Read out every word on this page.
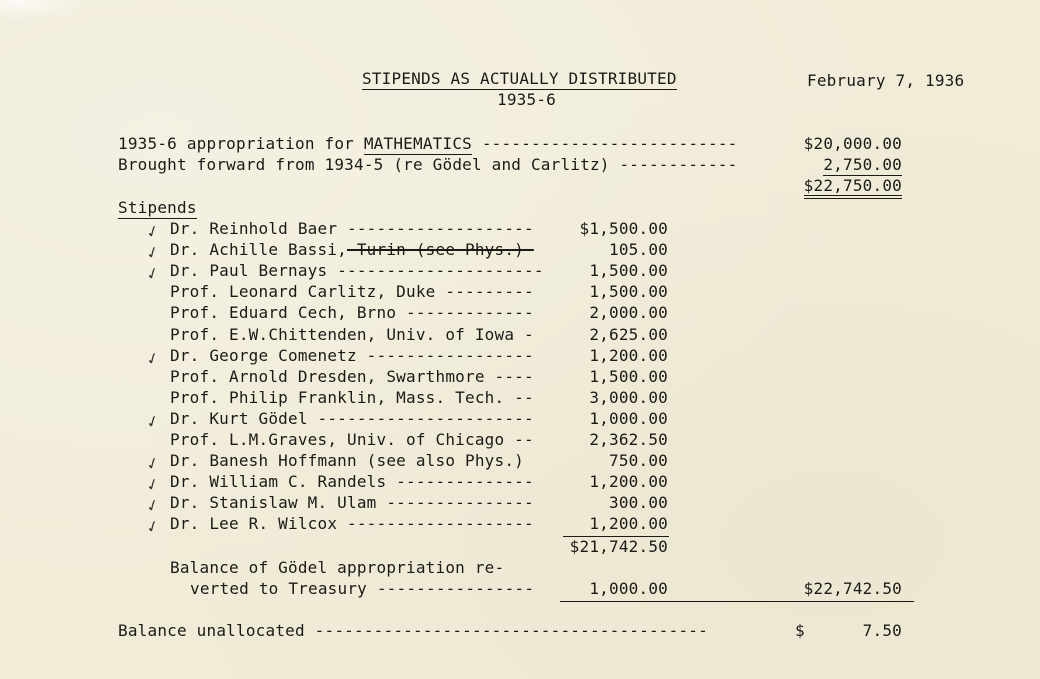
STIPENDS AS ACTUALLY DISTRIBUTED
1935-6
February 7, 1936
1935-6 appropriation for MATHEMATICS --------------------------	$20,000.00
Brought forward from 1934-5 (re Gödel and Carlitz) ------------	2,750.00
$22,750.00
Stipends
✓ Dr. Reinhold Baer -------------------	$1,500.00
✓ Dr. Achille Bassi,-Turin-(see-Phys.)-	105.00
✓ Dr. Paul Bernays ---------------------	1,500.00
Prof. Leonard Carlitz, Duke ---------	1,500.00
Prof. Eduard Cech, Brno -------------	2,000.00
Prof. E.W.Chittenden, Univ. of Iowa -	2,625.00
✓ Dr. George Comenetz -----------------	1,200.00
Prof. Arnold Dresden, Swarthmore ----	1,500.00
Prof. Philip Franklin, Mass. Tech. --	3,000.00
✓ Dr. Kurt Gödel ----------------------	1,000.00
Prof. L.M.Graves, Univ. of Chicago --	2,362.50
✓ Dr. Banesh Hoffmann (see also Phys.)	750.00
✓ Dr. William C. Randels --------------	1,200.00
✓ Dr. Stanislaw M. Ulam ---------------	300.00
✓ Dr. Lee R. Wilcox -------------------	1,200.00
$21,742.50
Balance of Gödel appropriation re-
verted to Treasury ----------------	1,000.00	$22,742.50
Balance unallocated ----------------------------------------	$	7.50
